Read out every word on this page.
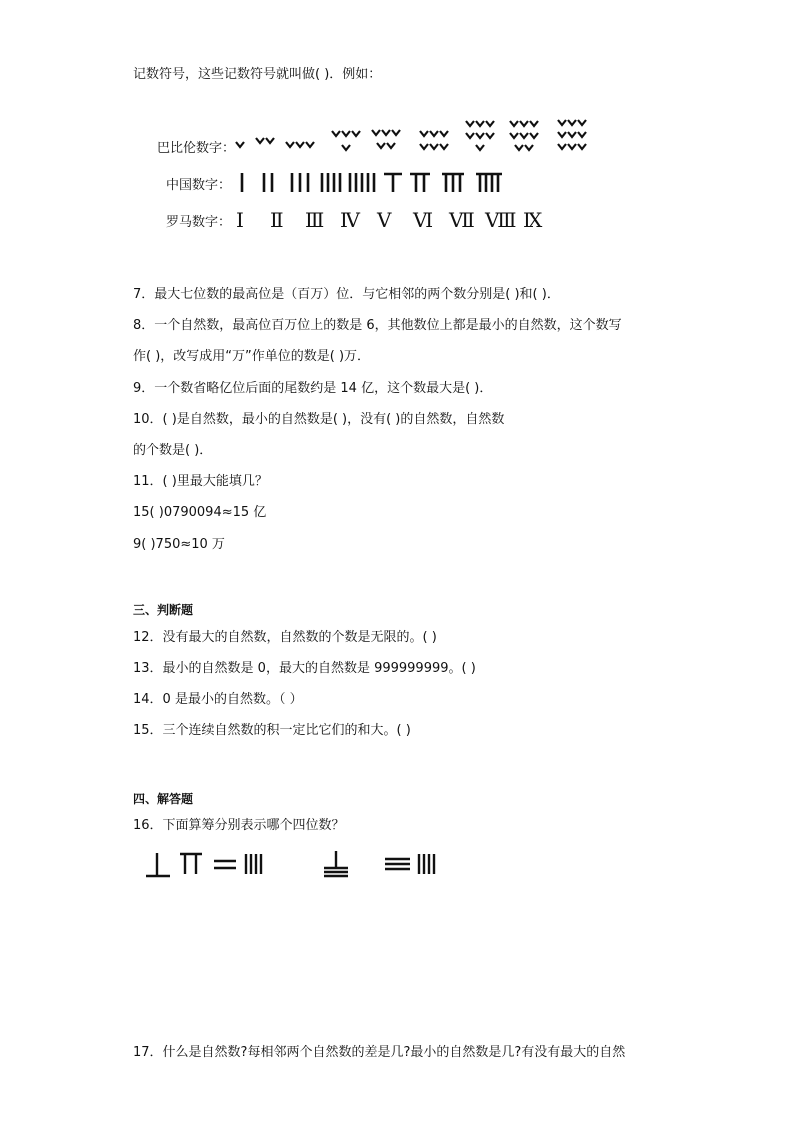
记数符号，这些记数符号就叫做( )．例如：
巴比伦数字：
中国数字：
罗马数字： Ⅰ Ⅱ Ⅲ Ⅳ Ⅴ Ⅵ Ⅶ Ⅷ Ⅸ
7．最大七位数的最高位是（百万）位．与它相邻的两个数分别是( )和( )．
8．一个自然数，最高位百万位上的数是 6，其他数位上都是最小的自然数，这个数写
作( )，改写成用“万”作单位的数是( )万．
9．一个数省略亿位后面的尾数约是 14 亿，这个数最大是( )．
10．( )是自然数，最小的自然数是( )，没有( )的自然数，自然数
的个数是( )．
11．( )里最大能填几？
15( )0790094≈15 亿
9( )750≈10 万
三、判断题
12．没有最大的自然数，自然数的个数是无限的。( )
13．最小的自然数是 0，最大的自然数是 999999999。( )
14．0 是最小的自然数。（ ）
15．三个连续自然数的积一定比它们的和大。( )
四、解答题
16．下面算筹分别表示哪个四位数？
17．什么是自然数?每相邻两个自然数的差是几?最小的自然数是几?有没有最大的自然
